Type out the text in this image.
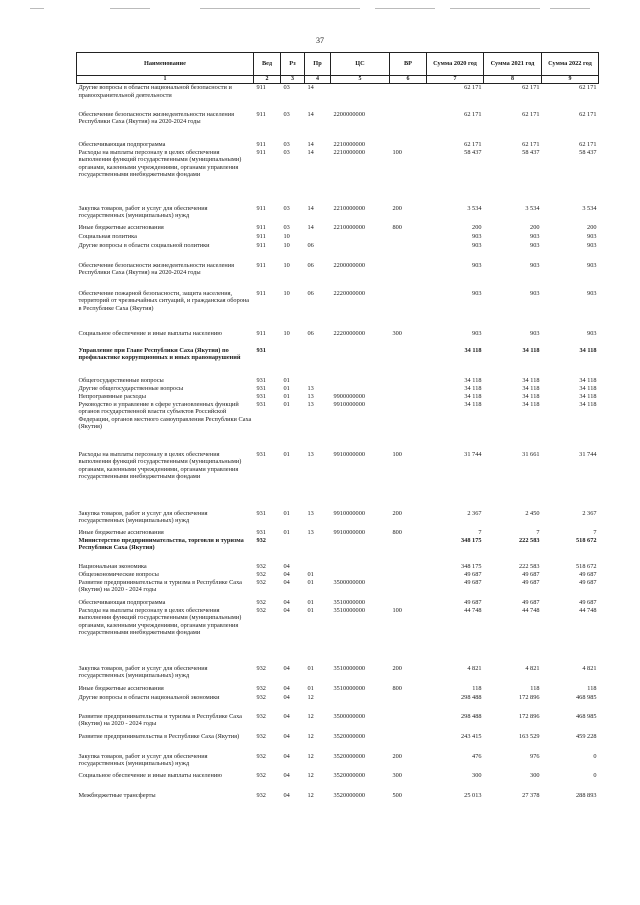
37
Наименование	Вед	Рз	Пр	ЦС	ВР	Сумма 2020 год	Сумма 2021 год	Сумма 2022 год
1	2	3	4	5	6	7	8	9
Другие вопросы в области национальной безопасности и правоохранительной деятельности	911	03	14			62 171	62 171	62 171
Обеспечение безопасности жизнедеятельности населения Республики Саха (Якутия) на 2020-2024 годы	911	03	14	2200000000		62 171	62 171	62 171
Обеспечивающая подпрограмма	911	03	14	2210000000		62 171	62 171	62 171
Расходы на выплаты персоналу в целях обеспечения выполнения функций государственными (муниципальными) органами, казенными учреждениями, органами управления государственными внебюджетными фондами	911	03	14	2210000000	100	58 437	58 437	58 437
Закупка товаров, работ и услуг для обеспечения государственных (муниципальных) нужд	911	03	14	2210000000	200	3 534	3 534	3 534
Иные бюджетные ассигнования	911	03	14	2210000000	800	200	200	200
Социальная политика	911	10				903	903	903
Другие вопросы в области социальной политики	911	10	06			903	903	903
Обеспечение безопасности жизнедеятельности населения Республики Саха (Якутия) на 2020-2024 годы	911	10	06	2200000000		903	903	903
Обеспечение пожарной безопасности, защита населения, территорий от чрезвычайных ситуаций, и гражданская оборона в Республике Саха (Якутия)	911	10	06	2220000000		903	903	903
Социальное обеспечение и иные выплаты населению	911	10	06	2220000000	300	903	903	903
Управление при Главе Республики Саха (Якутия) по профилактике коррупционных и иных правонарушений	931					34 118	34 118	34 118
Общегосударственные вопросы	931	01				34 118	34 118	34 118
Другие общегосударственные вопросы	931	01	13			34 118	34 118	34 118
Непрограммные расходы	931	01	13	9900000000		34 118	34 118	34 118
Руководство и управление в сфере установленных функций органов государственной власти субъектов Российской Федерации, органов местного самоуправления Республики Саха (Якутия)	931	01	13	9910000000		34 118	34 118	34 118
Расходы на выплаты персоналу в целях обеспечения выполнения функций государственными (муниципальными) органами, казенными учреждениями, органами управления государственными внебюджетными фондами	931	01	13	9910000000	100	31 744	31 661	31 744
Закупка товаров, работ и услуг для обеспечения государственных (муниципальных) нужд	931	01	13	9910000000	200	2 367	2 450	2 367
Иные бюджетные ассигнования	931	01	13	9910000000	800	7	7	7
Министерство предпринимательства, торговли и туризма Республики Саха (Якутия)	932					348 175	222 583	518 672
Национальная экономика	932	04				348 175	222 583	518 672
Общеэкономические вопросы	932	04	01			49 687	49 687	49 687
Развитие предпринимательства и туризма в Республике Саха (Якутия) на 2020 - 2024 годы	932	04	01	3500000000		49 687	49 687	49 687
Обеспечивающая подпрограмма	932	04	01	3510000000		49 687	49 687	49 687
Расходы на выплаты персоналу в целях обеспечения выполнения функций государственными (муниципальными) органами, казенными учреждениями, органами управления государственными внебюджетными фондами	932	04	01	3510000000	100	44 748	44 748	44 748
Закупка товаров, работ и услуг для обеспечения государственных (муниципальных) нужд	932	04	01	3510000000	200	4 821	4 821	4 821
Иные бюджетные ассигнования	932	04	01	3510000000	800	118	118	118
Другие вопросы в области национальной экономики	932	04	12			298 488	172 896	468 985
Развитие предпринимательства и туризма в Республике Саха (Якутия) на 2020 - 2024 годы	932	04	12	3500000000		298 488	172 896	468 985
Развитие предпринимательства в Республике Саха (Якутия)	932	04	12	3520000000		243 415	163 529	459 228
Закупка товаров, работ и услуг для обеспечения государственных (муниципальных) нужд	932	04	12	3520000000	200	476	976	0
Социальное обеспечение и иные выплаты населению	932	04	12	3520000000	300	300	300	0
Межбюджетные трансферты	932	04	12	3520000000	500	25 013	27 378	288 893
